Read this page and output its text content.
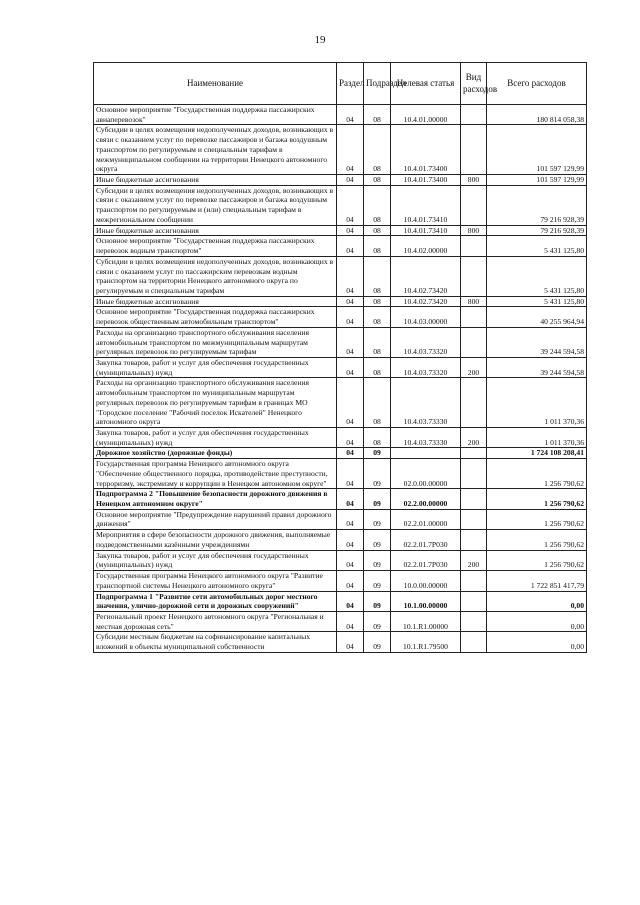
19
Наименование	Раздел	Подраздел	Целевая статья	Вид расходов	Всего расходов
Основное мероприятие "Государственная поддержка пассажирских авиаперевозок"	04	08	10.4.01.00000		180 814 058,38
Субсидии в целях возмещения недополученных доходов, возникающих в связи с оказанием услуг по перевозке пассажиров и багажа воздушным транспортом по регулируемым и специальным тарифам в межмуниципальном сообщении на территории Ненецкого автономного округа	04	08	10.4.01.73400		101 597 129,99
Иные бюджетные ассигнования	04	08	10.4.01.73400	800	101 597 129,99
Субсидии в целях возмещения недополученных доходов, возникающих в связи с оказанием услуг по перевозке пассажиров и багажа воздушным транспортом по регулируемым и (или) специальным тарифам в межрегиональном сообщении	04	08	10.4.01.73410		79 216 928,39
Иные бюджетные ассигнования	04	08	10.4.01.73410	800	79 216 928,39
Основное мероприятие "Государственная поддержка пассажирских перевозок водным транспортом"	04	08	10.4.02.00000		5 431 125,80
Субсидии в целях возмещения недополученных доходов, возникающих в связи с оказанием услуг по пассажирским перевозкам водным транспортом на территории Ненецкого автономного округа по регулируемым и специальным тарифам	04	08	10.4.02.73420		5 431 125,80
Иные бюджетные ассигнования	04	08	10.4.02.73420	800	5 431 125,80
Основное мероприятие "Государственная поддержка пассажирских перевозок общественным автомобильным транспортом"	04	08	10.4.03.00000		40 255 964,94
Расходы на организацию транспортного обслуживания населения автомобильным транспортом по межмуниципальным маршрутам регулярных перевозок по регулируемым тарифам	04	08	10.4.03.73320		39 244 594,58
Закупка товаров, работ и услуг для обеспечения государственных (муниципальных) нужд	04	08	10.4.03.73320	200	39 244 594,58
Расходы на организацию транспортного обслуживания населения автомобильным транспортом по муниципальным маршрутам регулярных перевозок по регулируемым тарифам в границах МО "Городское поселение "Рабочий поселок Искателей" Ненецкого автономного округа	04	08	10.4.03.73330		1 011 370,36
Закупка товаров, работ и услуг для обеспечения государственных (муниципальных) нужд	04	08	10.4.03.73330	200	1 011 370,36
Дорожное хозяйство (дорожные фонды)	04	09			1 724 108 208,41
Государственная программа Ненецкого автономного округа "Обеспечение общественного порядка, противодействие преступности, терроризму, экстремизму и коррупции в Ненецком автономном округе"	04	09	02.0.00.00000		1 256 790,62
Подпрограмма 2 "Повышение безопасности дорожного движения в Ненецком автономном округе"	04	09	02.2.00.00000		1 256 790,62
Основное мероприятие "Предупреждение нарушений правил дорожного движения"	04	09	02.2.01.00000		1 256 790,62
Мероприятия в сфере безопасности дорожного движения, выполняемые подведомственными казёнными учреждениями	04	09	02.2.01.7Р030		1 256 790,62
Закупка товаров, работ и услуг для обеспечения государственных (муниципальных) нужд	04	09	02.2.01.7Р030	200	1 256 790,62
Государственная программа Ненецкого автономного округа "Развитие транспортной системы Ненецкого автономного округа"	04	09	10.0.00.00000		1 722 851 417,79
Подпрограмма 1 "Развитие сети автомобильных дорог местного значения, улично-дорожной сети и дорожных сооружений"	04	09	10.1.00.00000		0,00
Региональный проект Ненецкого автономного округа "Региональная и местная дорожная сеть"	04	09	10.1.R1.00000		0,00
Субсидии местным бюджетам на софинансирование капитальных вложений в объекты муниципальной собственности	04	09	10.1.R1.79500		0,00
